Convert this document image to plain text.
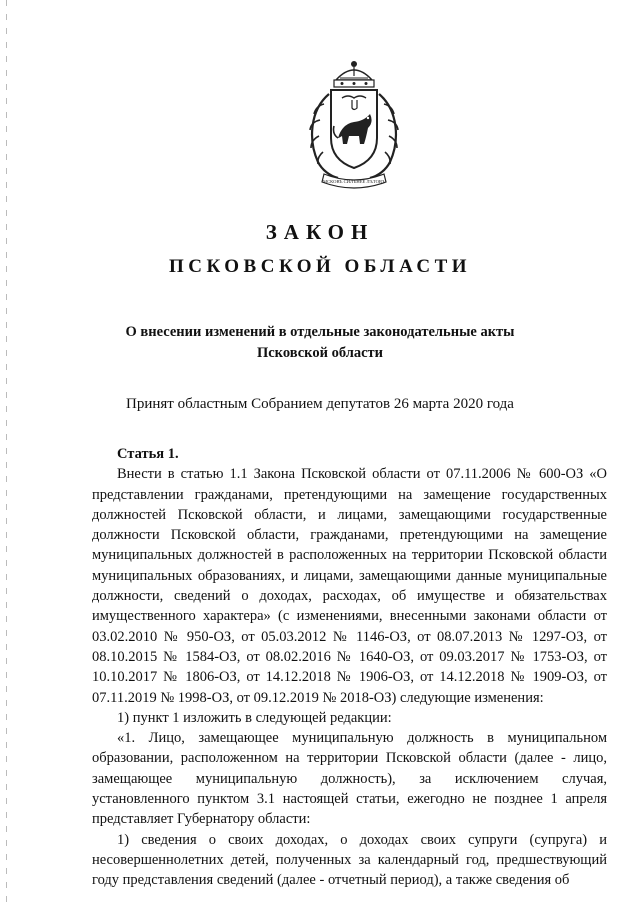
МСКОВЪ СИЛЪНЕЕ ЛЪТОВЪ
ЗАКОН
ПСКОВСКОЙ ОБЛАСТИ
О внесении изменений в отдельные законодательные акты
Псковской области
Принят областным Собранием депутатов 26 марта 2020 года

Статья 1.

Внести в статью 1.1 Закона Псковской области от 07.11.2006 № 600-ОЗ «О представлении гражданами, претендующими на замещение государственных должностей Псковской области, и лицами, замещающими государственные должности Псковской области, гражданами, претендующими на замещение муниципальных должностей в расположенных на территории Псковской области муниципальных образованиях, и лицами, замещающими данные муниципальные должности, сведений о доходах, расходах, об имуществе и обязательствах имущественного характера» (с изменениями, внесенными законами области от 03.02.2010 № 950-ОЗ, от 05.03.2012 № 1146-ОЗ, от 08.07.2013 № 1297-ОЗ, от 08.10.2015 № 1584-ОЗ, от 08.02.2016 № 1640-ОЗ, от 09.03.2017 № 1753-ОЗ, от 10.10.2017 № 1806-ОЗ, от 14.12.2018 № 1906-ОЗ, от 14.12.2018 № 1909-ОЗ, от 07.11.2019 № 1998-ОЗ, от 09.12.2019 № 2018-ОЗ) следующие изменения:

1) пункт 1 изложить в следующей редакции:

«1. Лицо, замещающее муниципальную должность в муниципальном образовании, расположенном на территории Псковской области (далее - лицо, замещающее муниципальную должность), за исключением случая, установленного пунктом 3.1 настоящей статьи, ежегодно не позднее 1 апреля представляет Губернатору области:

1) сведения о своих доходах, о доходах своих супруги (супруга) и несовершеннолетних детей, полученных за календарный год, предшествующий году представления сведений (далее - отчетный период), а также сведения об
